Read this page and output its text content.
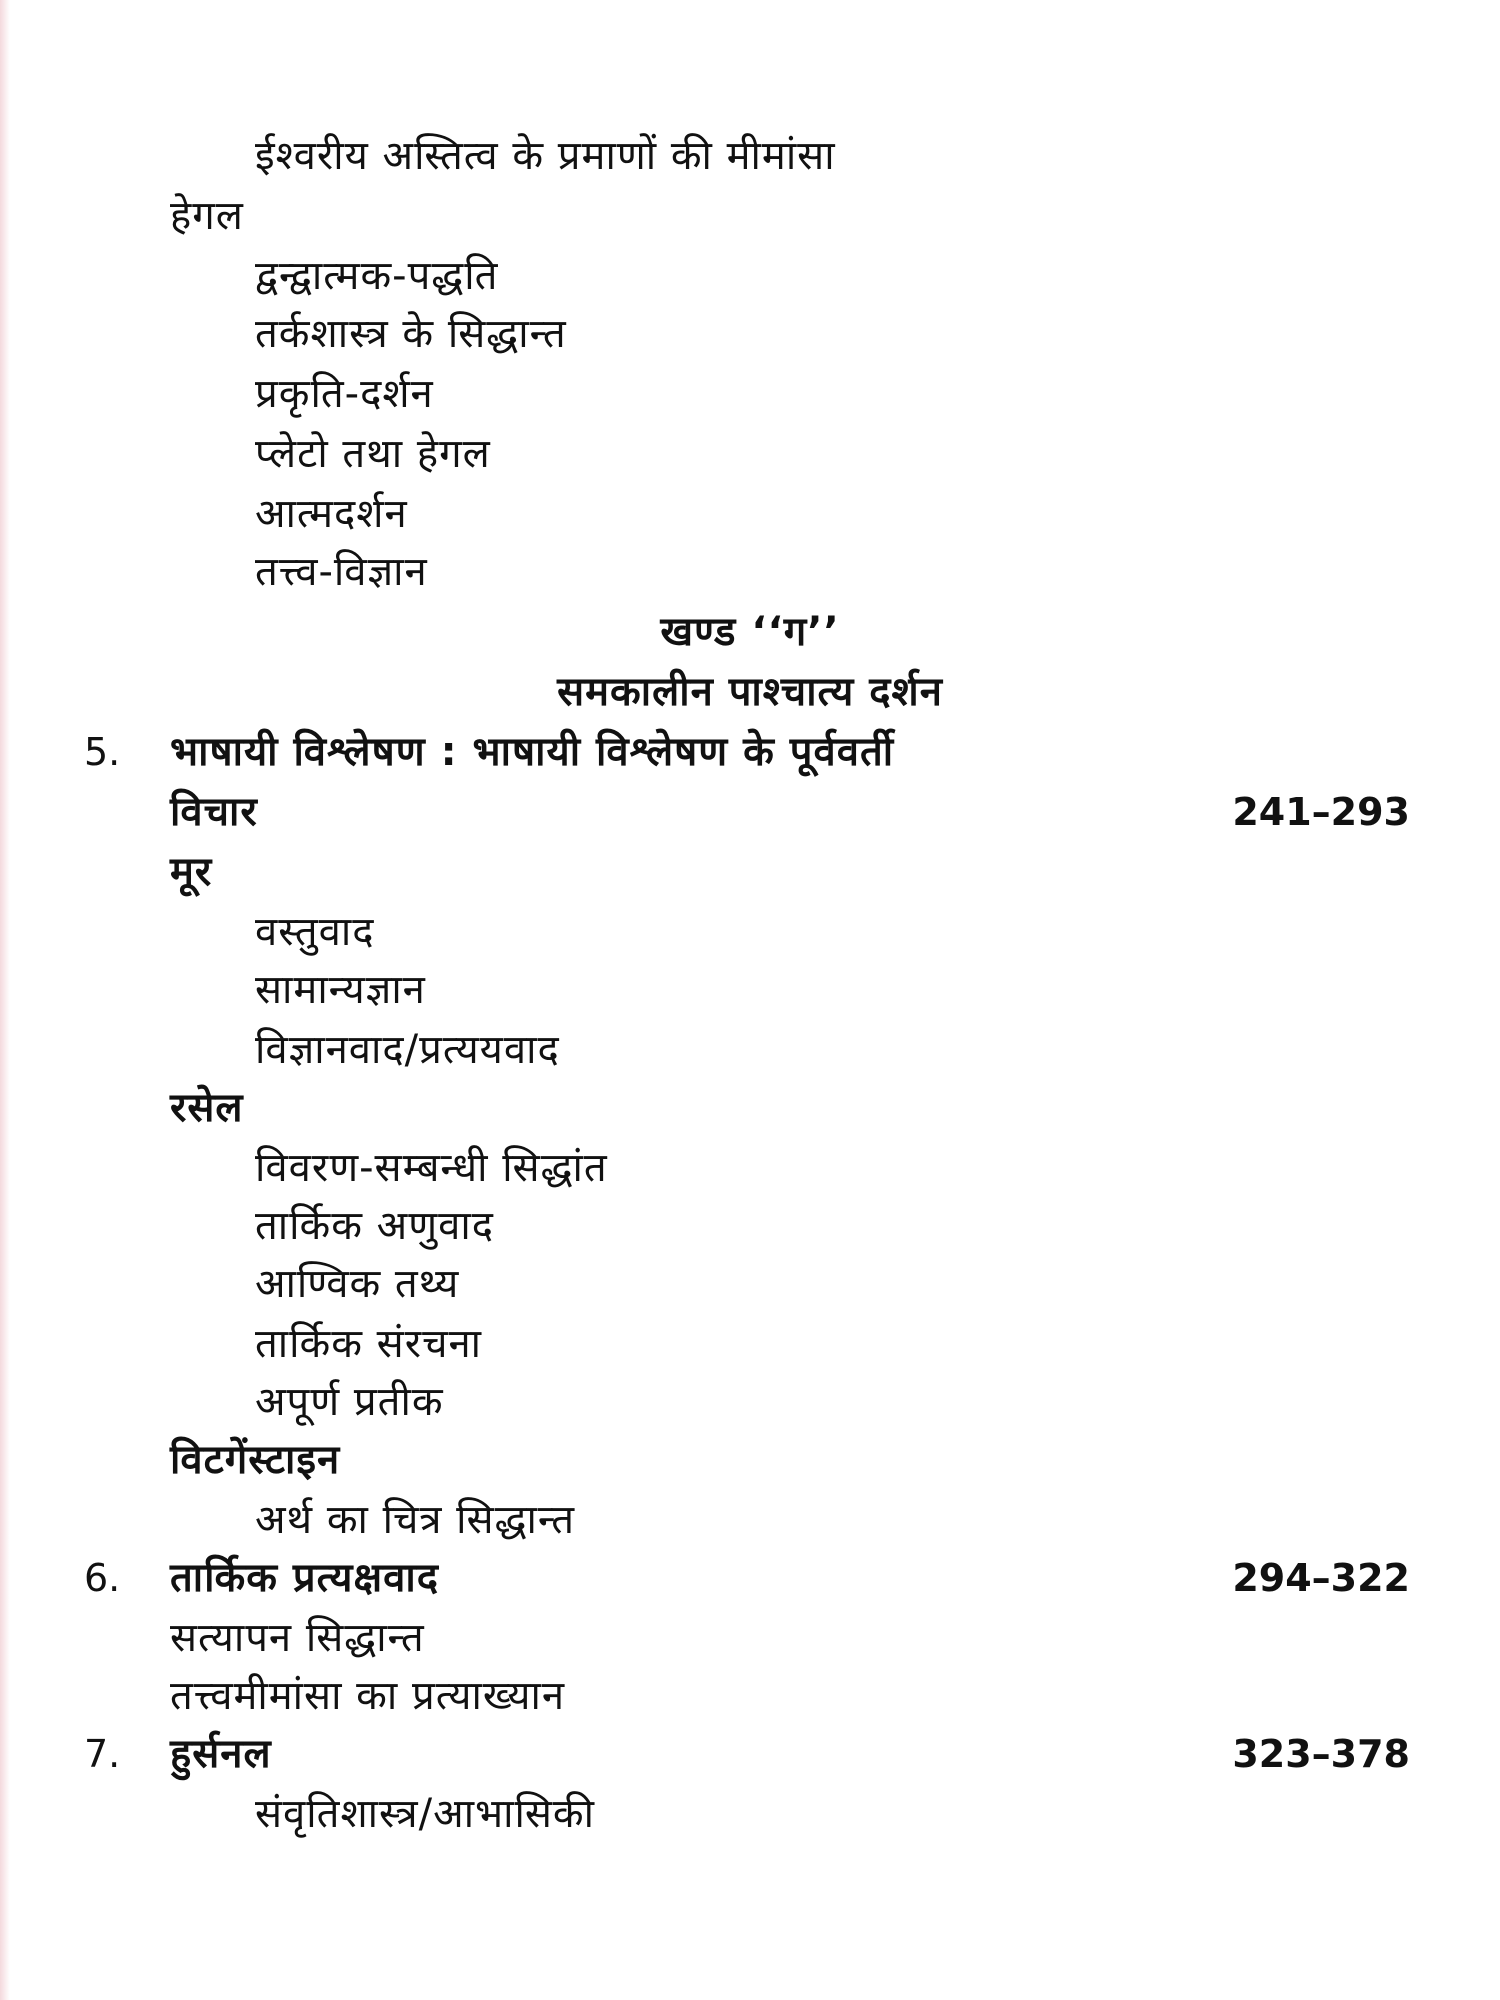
ईश्वरीय अस्तित्व के प्रमाणों की मीमांसा
हेगल
द्वन्द्वात्मक-पद्धति
तर्कशास्त्र के सिद्धान्त
प्रकृति-दर्शन
प्लेटो तथा हेगल
आत्मदर्शन
तत्त्व-विज्ञान
खण्ड ‘‘ग’’
समकालीन पाश्चात्य दर्शन
5. भाषायी विश्लेषण : भाषायी विश्लेषण के पूर्ववर्ती
विचार	241–293
मूर
वस्तुवाद
सामान्यज्ञान
विज्ञानवाद/प्रत्ययवाद
रसेल
विवरण-सम्बन्धी सिद्धांत
तार्किक अणुवाद
आण्विक तथ्य
तार्किक संरचना
अपूर्ण प्रतीक
विटगेंस्टाइन
अर्थ का चित्र सिद्धान्त
6. तार्किक प्रत्यक्षवाद	294–322
सत्यापन सिद्धान्त
तत्त्वमीमांसा का प्रत्याख्यान
7. हुर्सनल	323–378
संवृतिशास्त्र/आभासिकी
